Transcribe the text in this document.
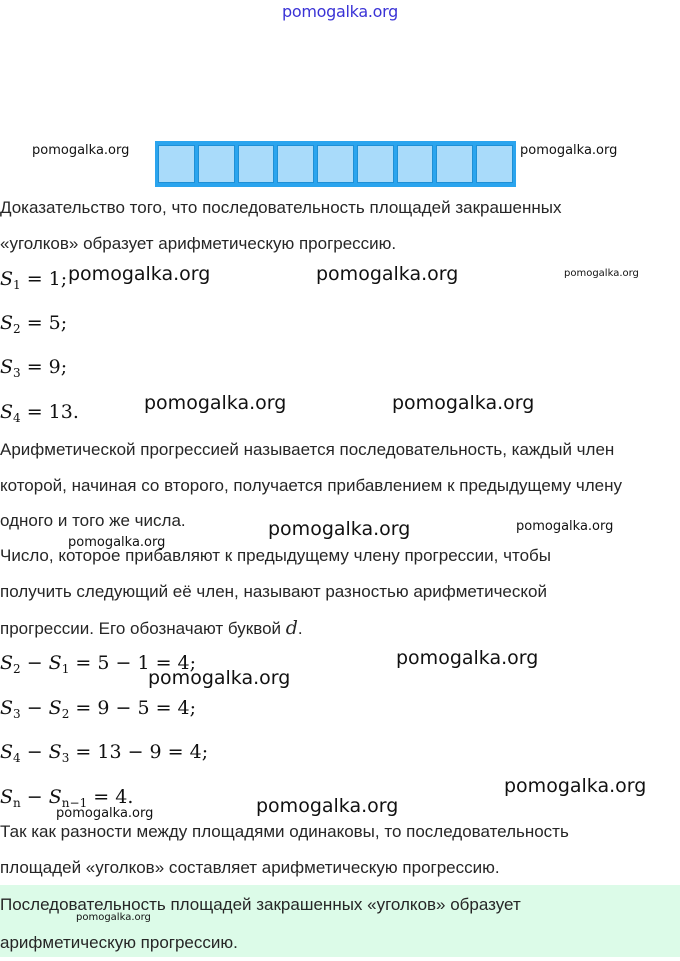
pomogalka.org
pomogalka.org	pomogalka.org
Доказательство того, что последовательность площадей закрашенных
«уголков» образует арифметическую прогрессию.
$S_1 = 1$;
$S_2 = 5$;
$S_3 = 9$;
$S_4 = 13$.
pomogalka.org	pomogalka.org	pomogalka.org
pomogalka.org	pomogalka.org
Арифметической прогрессией называется последовательность, каждый член
которой, начиная со второго, получается прибавлением к предыдущему члену
одного и того же числа.	pomogalka.org	pomogalka.org
Число, которое прибавляют к предыдущему члену прогрессии, чтобы
pomogalka.org
получить следующий её член, называют разностью арифметической
прогрессии. Его обозначают буквой d.
$S_2 - S_1 = 5 - 1 = 4$;
$S_3 - S_2 = 9 - 5 = 4$;
$S_4 - S_3 = 13 - 9 = 4$;
$S_n - S_{n-1} = 4$.
pomogalka.org
pomogalka.org
pomogalka.org
pomogalka.org
pomogalka.org
Так как разности между площадями одинаковы, то последовательность
площадей «уголков» составляет арифметическую прогрессию.
Последовательность площадей закрашенных «уголков» образует
арифметическую прогрессию.
pomogalka.org
